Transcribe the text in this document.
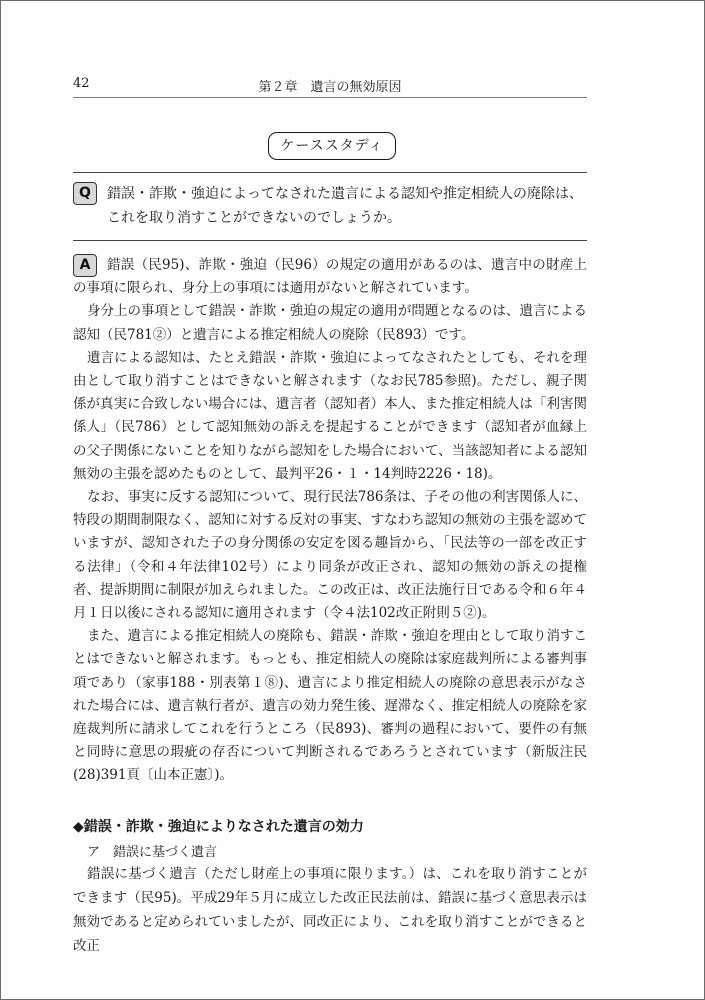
42	第２章　遺言の無効原因
ケーススタディ
Q	錯誤・詐欺・強迫によってなされた遺言による認知や推定相続人の廃除は、これを取り消すことができないのでしょうか。

A	錯誤（民95)、詐欺・強迫（民96）の規定の適用があるのは、遺言中の財産上の事項に限られ、身分上の事項には適用がないと解されています。

身分上の事項として錯誤・詐欺・強迫の規定の適用が問題となるのは、遺言による認知（民781②）と遺言による推定相続人の廃除（民893）です。

遺言による認知は、たとえ錯誤・詐欺・強迫によってなされたとしても、それを理由として取り消すことはできないと解されます（なお民785参照)。ただし、親子関係が真実に合致しない場合には、遺言者（認知者）本人、また推定相続人は「利害関係人」（民786）として認知無効の訴えを提起することができます（認知者が血縁上の父子関係にないことを知りながら認知をした場合において、当該認知者による認知無効の主張を認めたものとして、最判平26・１・14判時2226・18)。

なお、事実に反する認知について、現行民法786条は、子その他の利害関係人に、特段の期間制限なく、認知に対する反対の事実、すなわち認知の無効の主張を認めていますが、認知された子の身分関係の安定を図る趣旨から、「民法等の一部を改正する法律」（令和４年法律102号）により同条が改正され、認知の無効の訴えの提権者、提訴期間に制限が加えられました。この改正は、改正法施行日である令和６年４月１日以後にされる認知に適用されます（令４法102改正附則５②)。

また、遺言による推定相続人の廃除も、錯誤・詐欺・強迫を理由として取り消すことはできないと解されます。もっとも、推定相続人の廃除は家庭裁判所による審判事項であり（家事188・別表第１⑧)、遺言により推定相続人の廃除の意思表示がなされた場合には、遺言執行者が、遺言の効力発生後、遅滞なく、推定相続人の廃除を家庭裁判所に請求してこれを行うところ（民893)、審判の過程において、要件の有無と同時に意思の瑕疵の存否について判断されるであろうとされています（新版注民(28)391頁〔山本正憲〕)。

◆錯誤・詐欺・強迫によりなされた遺言の効力
ア　錯誤に基づく遺言

錯誤に基づく遺言（ただし財産上の事項に限ります。）は、これを取り消すことができます（民95)。平成29年５月に成立した改正民法前は、錯誤に基づく意思表示は無効であると定められていましたが、同改正により、これを取り消すことができると改正
